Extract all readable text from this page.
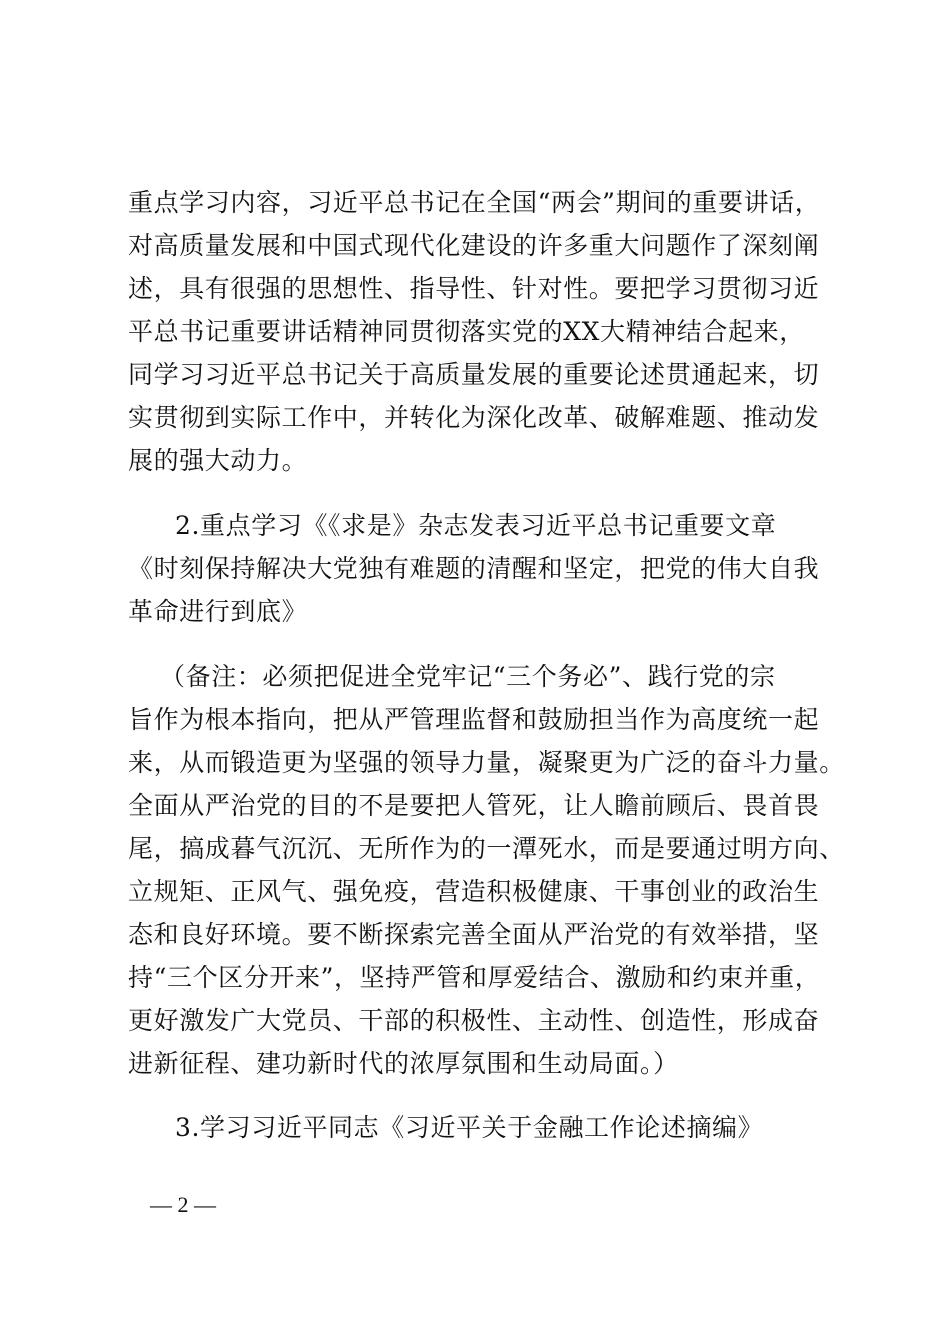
重点学习内容，习近平总书记在全国“两会”期间的重要讲话，
对高质量发展和中国式现代化建设的许多重大问题作了深刻阐
述，具有很强的思想性、指导性、针对性。要把学习贯彻习近
平总书记重要讲话精神同贯彻落实党的XX大精神结合起来，
同学习习近平总书记关于高质量发展的重要论述贯通起来，切
实贯彻到实际工作中，并转化为深化改革、破解难题、推动发
展的强大动力。
2.重点学习《《求是》杂志发表习近平总书记重要文章
《时刻保持解决大党独有难题的清醒和坚定，把党的伟大自我
革命进行到底》
（备注：必须把促进全党牢记“三个务必”、践行党的宗
旨作为根本指向，把从严管理监督和鼓励担当作为高度统一起
来，从而锻造更为坚强的领导力量，凝聚更为广泛的奋斗力量。
全面从严治党的目的不是要把人管死，让人瞻前顾后、畏首畏
尾，搞成暮气沉沉、无所作为的一潭死水，而是要通过明方向、
立规矩、正风气、强免疫，营造积极健康、干事创业的政治生
态和良好环境。要不断探索完善全面从严治党的有效举措，坚
持“三个区分开来”，坚持严管和厚爱结合、激励和约束并重，
更好激发广大党员、干部的积极性、主动性、创造性，形成奋
进新征程、建功新时代的浓厚氛围和生动局面。）
3.学习习近平同志《习近平关于金融工作论述摘编》
— 2 —
